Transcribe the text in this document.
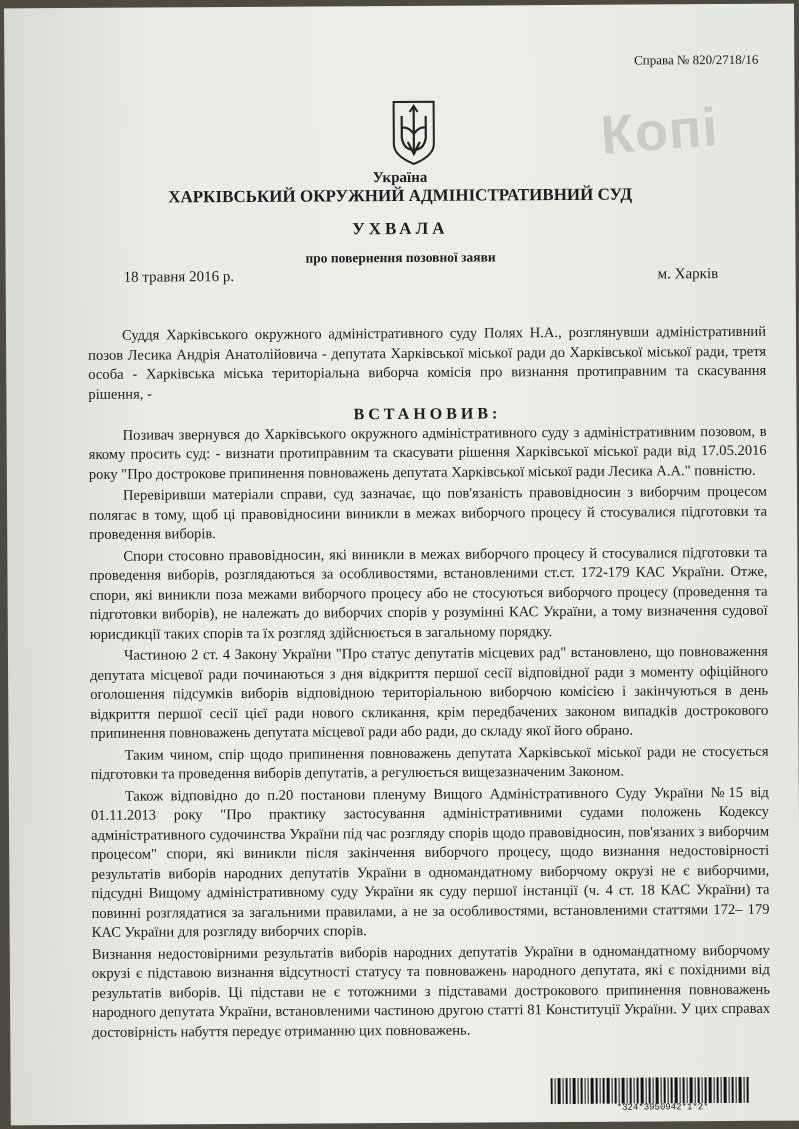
Справа № 820/2718/16
Копі
Україна
ХАРКІВСЬКИЙ ОКРУЖНИЙ АДМІНІСТРАТИВНИЙ СУД
УХВАЛА
про повернення позовної заяви
18 травня 2016 р.	м. Харків

Суддя Харківського окружного адміністративного суду Полях Н.А., розглянувши адміністративний позов Лесика Андрія Анатолійовича - депутата Харківської міської ради до Харківської міської ради, третя особа - Харківська міська територіальна виборча комісія про визнання протиправним та скасування рішення, -

ВСТАНОВИВ:

Позивач звернувся до Харківського окружного адміністративного суду з адміністративним позовом, в якому просить суд: - визнати протиправним та скасувати рішення Харківської міської ради від 17.05.2016 року "Про дострокове припинення повноважень депутата Харківської міської ради Лесика А.А." повністю.

Перевіривши матеріали справи, суд зазначає, що пов'язаність правовідносин з виборчим процесом полягає в тому, щоб ці правовідносини виникли в межах виборчого процесу й стосувалися підготовки та проведення виборів.

Спори стосовно правовідносин, які виникли в межах виборчого процесу й стосувалися підготовки та проведення виборів, розглядаються за особливостями, встановленими ст.ст. 172-179 КАС України. Отже, спори, які виникли поза межами виборчого процесу або не стосуються виборчого процесу (проведення та підготовки виборів), не належать до виборчих спорів у розумінні КАС України, а тому визначення судової юрисдикції таких спорів та їх розгляд здійснюється в загальному порядку.

Частиною 2 ст. 4 Закону України "Про статус депутатів місцевих рад" встановлено, що повноваження депутата місцевої ради починаються з дня відкриття першої сесії відповідної ради з моменту офіційного оголошення підсумків виборів відповідною територіальною виборчою комісією і закінчуються в день відкриття першої сесії цієї ради нового скликання, крім передбачених законом випадків дострокового припинення повноважень депутата місцевої ради або ради, до складу якої його обрано.

Таким чином, спір щодо припинення повноважень депутата Харківської міської ради не стосується підготовки та проведення виборів депутатів, а регулюється вищезазначеним Законом.

Також відповідно до п.20 постанови пленуму Вищого Адміністративного Суду України №15 від 01.11.2013 року "Про практику застосування адміністративними судами положень Кодексу адміністративного судочинства України під час розгляду спорів щодо правовідносин, пов'язаних з виборчим процесом" спори, які виникли після закінчення виборчого процесу, щодо визнання недостовірності результатів виборів народних депутатів України в одномандатному виборчому окрузі не є виборчими, підсудні Вищому адміністративному суду України як суду першої інстанції (ч. 4 ст. 18 КАС України) та повинні розглядатися за загальними правилами, а не за особливостями, встановленими статтями 172– 179 КАС України для розгляду виборчих спорів.

Визнання недостовірними результатів виборів народних депутатів України в одномандатному виборчому окрузі є підставою визнання відсутності статусу та повноважень народного депутата, які є похідними від результатів виборів. Ці підстави не є тотожними з підставами дострокового припинення повноважень народного депутата України, встановленими частиною другою статті 81 Конституції України. У цих справах достовірність набуття передує отриманню цих повноважень.

*324*3950942*1*2*
